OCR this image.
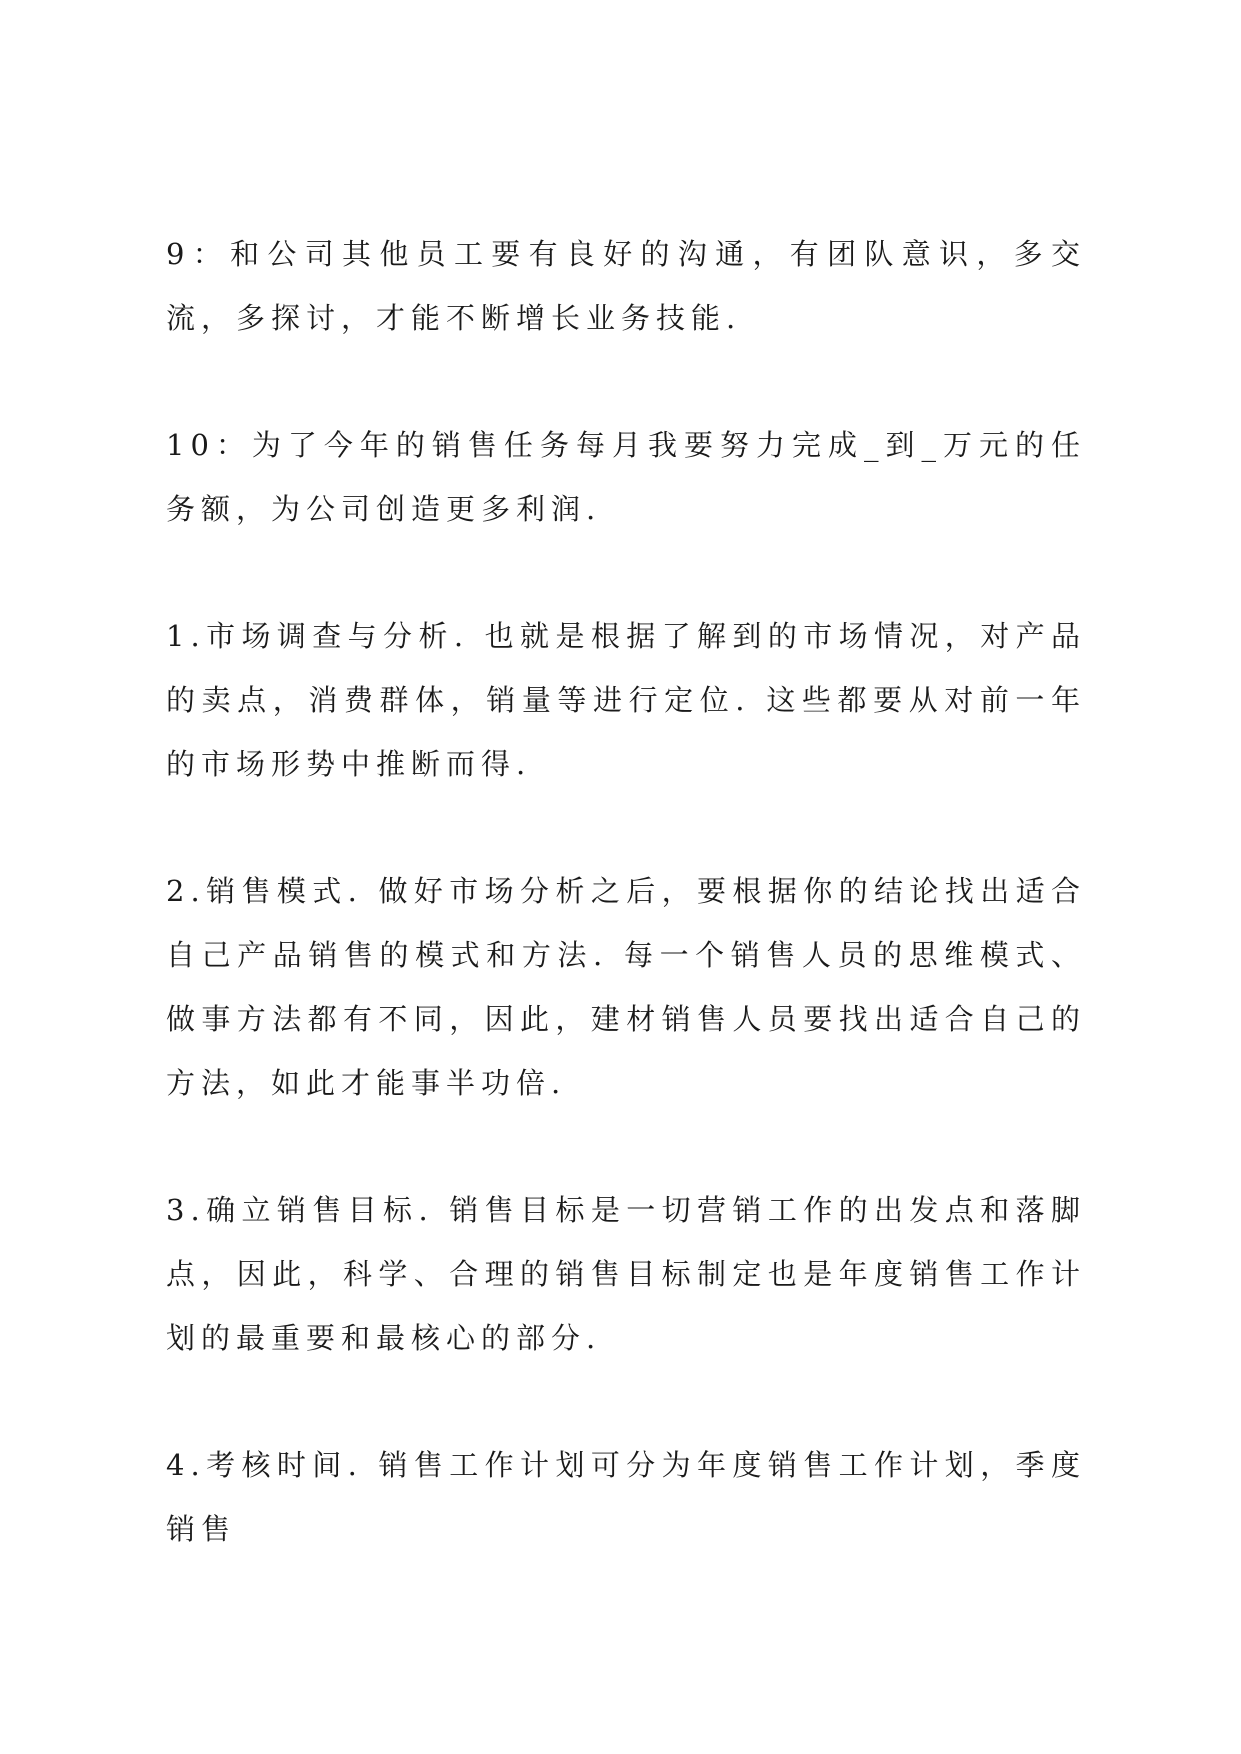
9：和公司其他员工要有良好的沟通，有团队意识，多交流，多探讨，才能不断增长业务技能.

10：为了今年的销售任务每月我要努力完成_到_万元的任务额，为公司创造更多利润.

1.市场调查与分析. 也就是根据了解到的市场情况，对产品的卖点，消费群体，销量等进行定位. 这些都要从对前一年的市场形势中推断而得.

2.销售模式. 做好市场分析之后，要根据你的结论找出适合自己产品销售的模式和方法. 每一个销售人员的思维模式、做事方法都有不同，因此，建材销售人员要找出适合自己的方法，如此才能事半功倍.

3.确立销售目标. 销售目标是一切营销工作的出发点和落脚点，因此，科学、合理的销售目标制定也是年度销售工作计划的最重要和最核心的部分.

4.考核时间. 销售工作计划可分为年度销售工作计划，季度销售
